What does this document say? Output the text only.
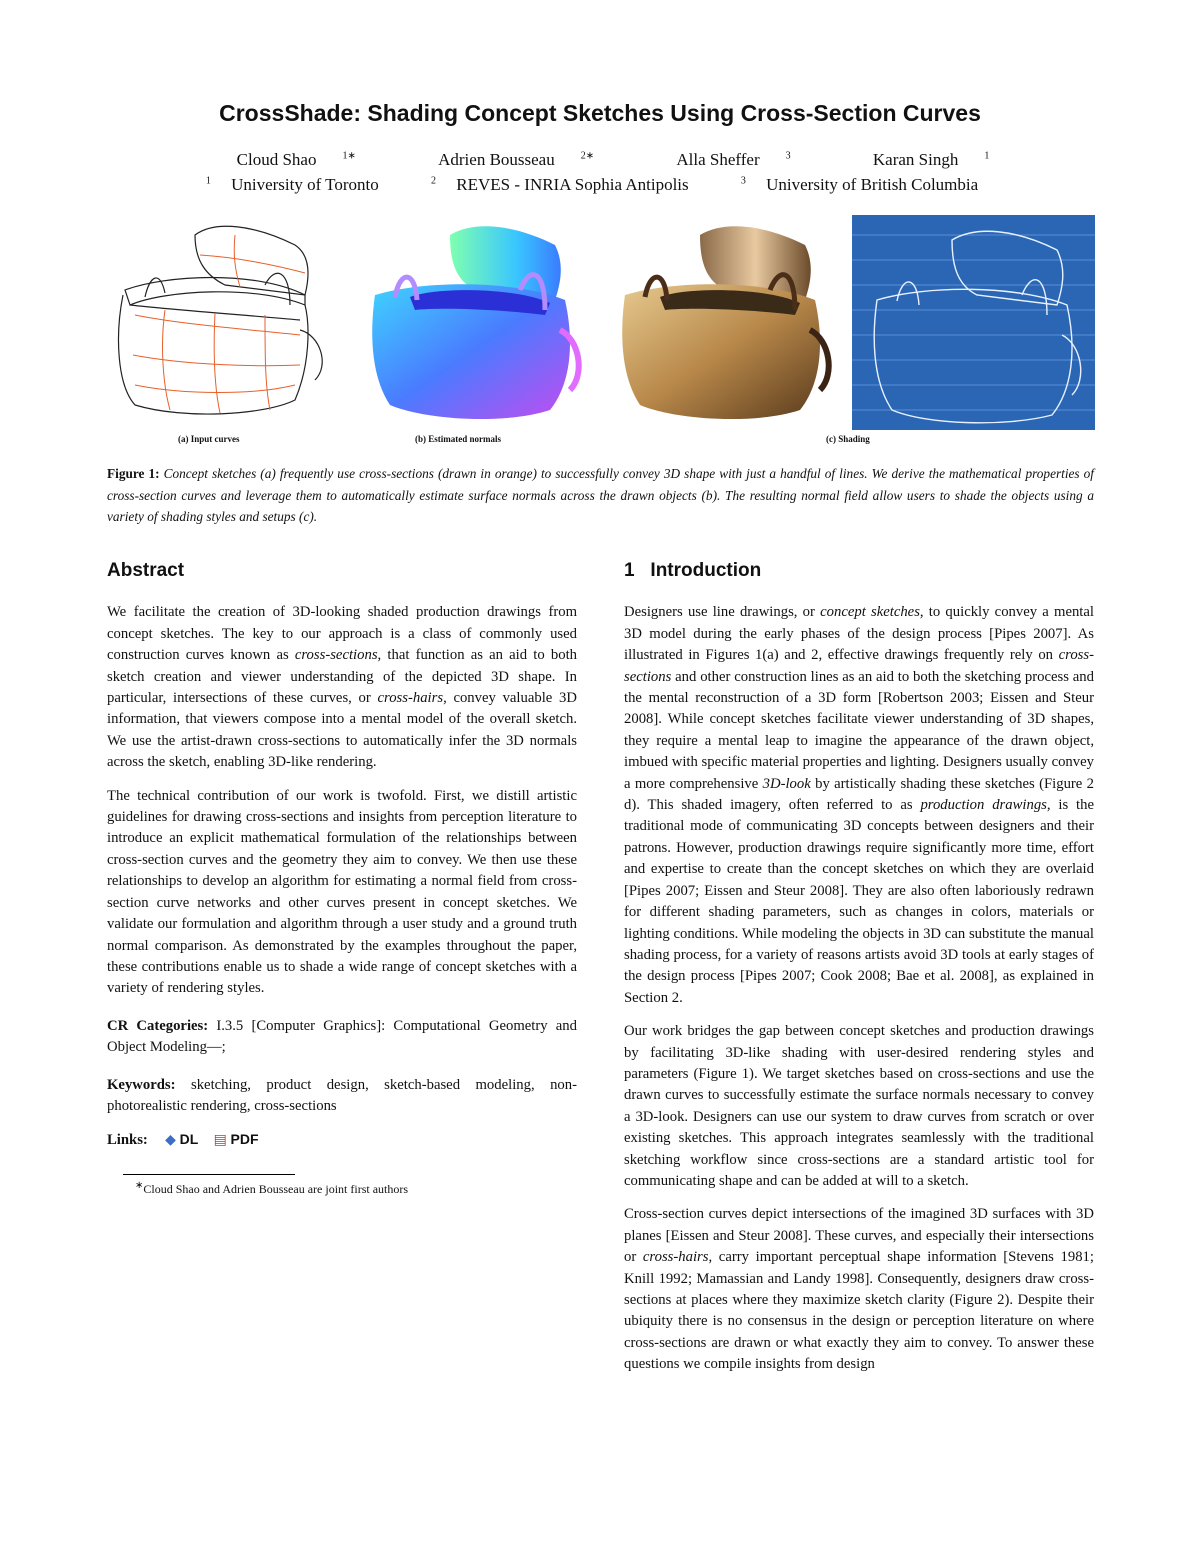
CrossShade: Shading Concept Sketches Using Cross-Section Curves
Cloud Shao	$^{1∗}$	Adrien Bousseau	$^{2∗}$	Alla Sheffer	$^3$	Karan Singh	$^1$
$^1$ University of Toronto	$^2$ REVES - INRIA Sophia Antipolis	$^3$ University of British Columbia
(a) Input curves	(b) Estimated normals	(c) Shading
Figure 1: Concept sketches (a) frequently use cross-sections (drawn in orange) to successfully convey 3D shape with just a handful of lines. We derive the mathematical properties of cross-section curves and leverage them to automatically estimate surface normals across the drawn objects (b). The resulting normal field allow users to shade the objects using a variety of shading styles and setups (c).
Abstract

We facilitate the creation of 3D-looking shaded production drawings from concept sketches. The key to our approach is a class of commonly used construction curves known as cross-sections, that function as an aid to both sketch creation and viewer understanding of the depicted 3D shape. In particular, intersections of these curves, or cross-hairs, convey valuable 3D information, that viewers compose into a mental model of the overall sketch. We use the artist-drawn cross-sections to automatically infer the 3D normals across the sketch, enabling 3D-like rendering.

The technical contribution of our work is twofold. First, we distill artistic guidelines for drawing cross-sections and insights from perception literature to introduce an explicit mathematical formulation of the relationships between cross-section curves and the geometry they aim to convey. We then use these relationships to develop an algorithm for estimating a normal field from cross-section curve networks and other curves present in concept sketches. We validate our formulation and algorithm through a user study and a ground truth normal comparison. As demonstrated by the examples throughout the paper, these contributions enable us to shade a wide range of concept sketches with a variety of rendering styles.

CR Categories: I.3.5 [Computer Graphics]: Computational Geometry and Object Modeling—;

Keywords: sketching, product design, sketch-based modeling, non-photorealistic rendering, cross-sections

Links: ◆ DL ▤ PDF

∗Cloud Shao and Adrien Bousseau are joint first authors
1 Introduction

Designers use line drawings, or concept sketches, to quickly convey a mental 3D model during the early phases of the design process [Pipes 2007]. As illustrated in Figures 1(a) and 2, effective drawings frequently rely on cross-sections and other construction lines as an aid to both the sketching process and the mental reconstruction of a 3D form [Robertson 2003; Eissen and Steur 2008]. While concept sketches facilitate viewer understanding of 3D shapes, they require a mental leap to imagine the appearance of the drawn object, imbued with specific material properties and lighting. Designers usually convey a more comprehensive 3D-look by artistically shading these sketches (Figure 2 d). This shaded imagery, often referred to as production drawings, is the traditional mode of communicating 3D concepts between designers and their patrons. However, production drawings require significantly more time, effort and expertise to create than the concept sketches on which they are overlaid [Pipes 2007; Eissen and Steur 2008]. They are also often laboriously redrawn for different shading parameters, such as changes in colors, materials or lighting conditions. While modeling the objects in 3D can substitute the manual shading process, for a variety of reasons artists avoid 3D tools at early stages of the design process [Pipes 2007; Cook 2008; Bae et al. 2008], as explained in Section 2.

Our work bridges the gap between concept sketches and production drawings by facilitating 3D-like shading with user-desired rendering styles and parameters (Figure 1). We target sketches based on cross-sections and use the drawn curves to successfully estimate the surface normals necessary to convey a 3D-look. Designers can use our system to draw curves from scratch or over existing sketches. This approach integrates seamlessly with the traditional sketching workflow since cross-sections are a standard artistic tool for communicating shape and can be added at will to a sketch.

Cross-section curves depict intersections of the imagined 3D surfaces with 3D planes [Eissen and Steur 2008]. These curves, and especially their intersections or cross-hairs, carry important perceptual shape information [Stevens 1981; Knill 1992; Mamassian and Landy 1998]. Consequently, designers draw cross-sections at places where they maximize sketch clarity (Figure 2). Despite their ubiquity there is no consensus in the design or perception literature on where cross-sections are drawn or what exactly they aim to convey. To answer these questions we compile insights from design
